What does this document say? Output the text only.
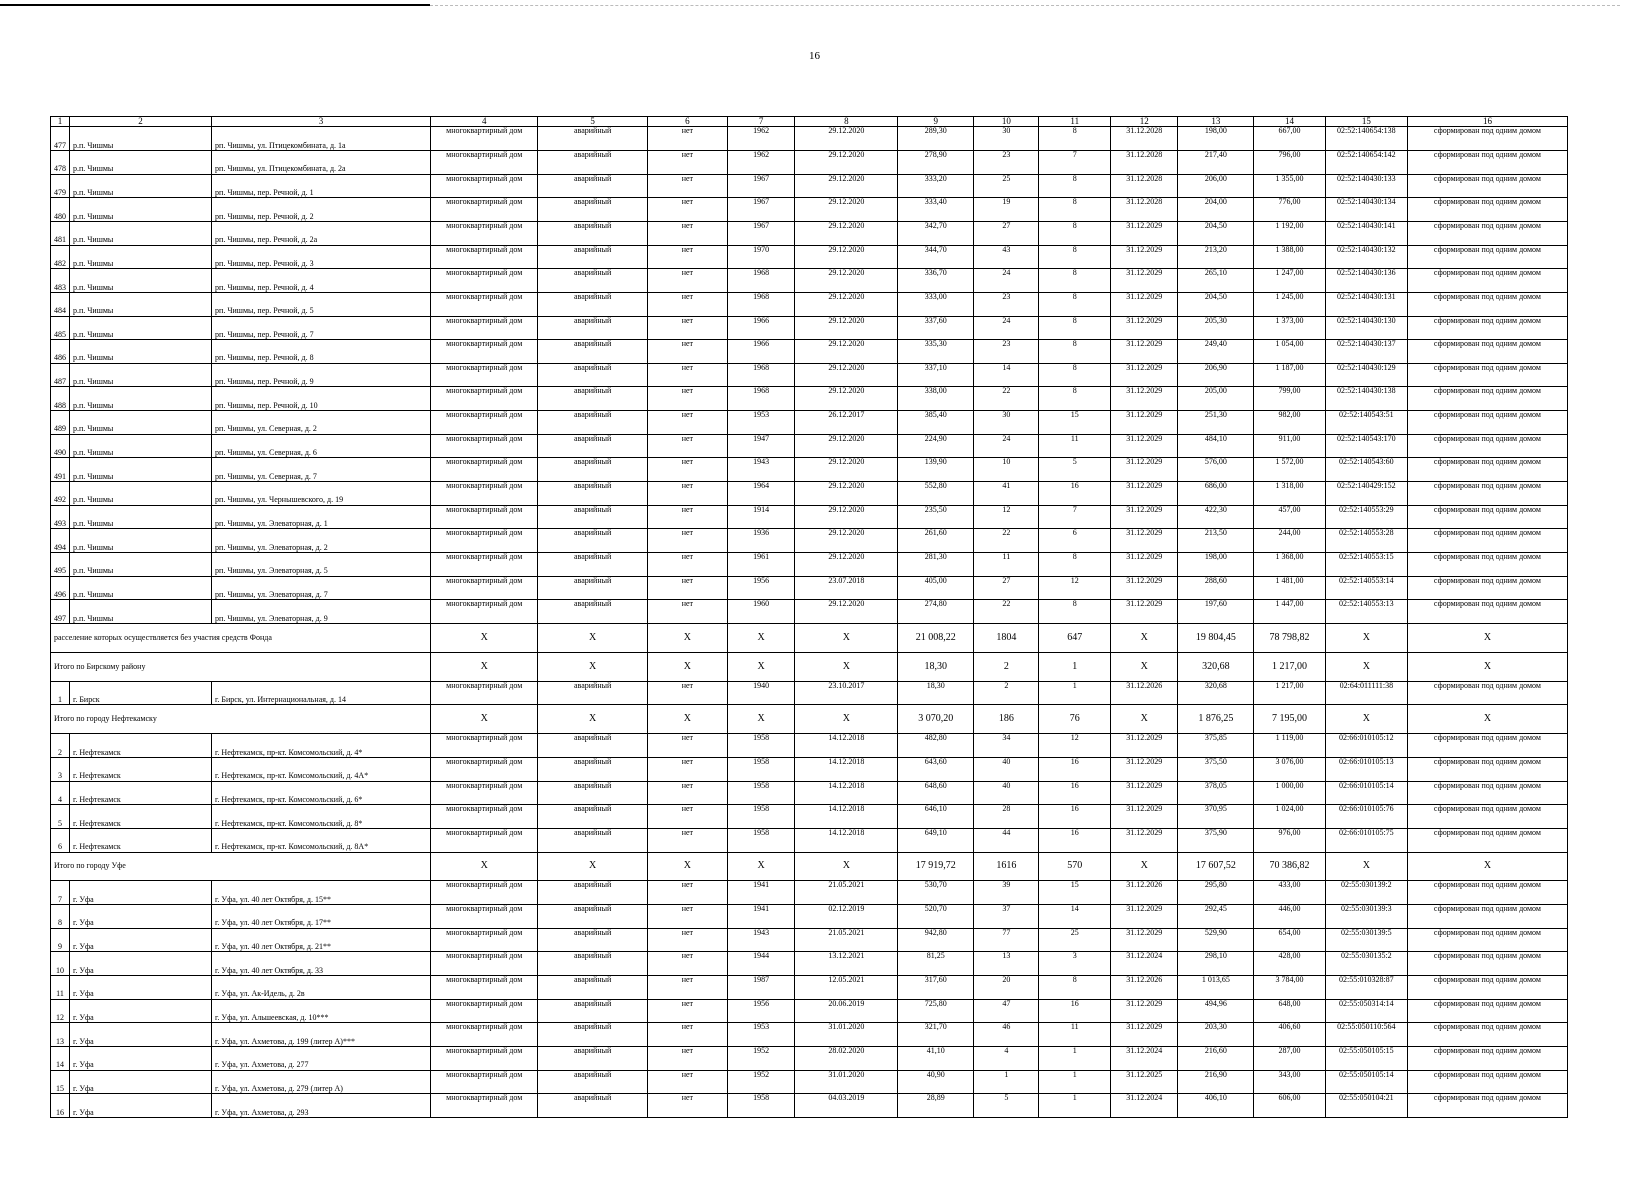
16
1	2	3	4	5	6	7	8	9	10	11	12	13	14	15	16
477	р.п. Чишмы	рп. Чишмы, ул. Птицекомбината, д. 1а	многоквартирный дом	аварийный	нет	1962	29.12.2020	289,30	30	8	31.12.2028	198,00	667,00	02:52:140654:138	сформирован под одним домом
478	р.п. Чишмы	рп. Чишмы, ул. Птицекомбината, д. 2а	многоквартирный дом	аварийный	нет	1962	29.12.2020	278,90	23	7	31.12.2028	217,40	796,00	02:52:140654:142	сформирован под одним домом
479	р.п. Чишмы	рп. Чишмы, пер. Речной, д. 1	многоквартирный дом	аварийный	нет	1967	29.12.2020	333,20	25	8	31.12.2028	206,00	1 355,00	02:52:140430:133	сформирован под одним домом
480	р.п. Чишмы	рп. Чишмы, пер. Речной, д. 2	многоквартирный дом	аварийный	нет	1967	29.12.2020	333,40	19	8	31.12.2028	204,00	776,00	02:52:140430:134	сформирован под одним домом
481	р.п. Чишмы	рп. Чишмы, пер. Речной, д. 2а	многоквартирный дом	аварийный	нет	1967	29.12.2020	342,70	27	8	31.12.2029	204,50	1 192,00	02:52:140430:141	сформирован под одним домом
482	р.п. Чишмы	рп. Чишмы, пер. Речной, д. 3	многоквартирный дом	аварийный	нет	1970	29.12.2020	344,70	43	8	31.12.2029	213,20	1 388,00	02:52:140430:132	сформирован под одним домом
483	р.п. Чишмы	рп. Чишмы, пер. Речной, д. 4	многоквартирный дом	аварийный	нет	1968	29.12.2020	336,70	24	8	31.12.2029	265,10	1 247,00	02:52:140430:136	сформирован под одним домом
484	р.п. Чишмы	рп. Чишмы, пер. Речной, д. 5	многоквартирный дом	аварийный	нет	1968	29.12.2020	333,00	23	8	31.12.2029	204,50	1 245,00	02:52:140430:131	сформирован под одним домом
485	р.п. Чишмы	рп. Чишмы, пер. Речной, д. 7	многоквартирный дом	аварийный	нет	1966	29.12.2020	337,60	24	8	31.12.2029	205,30	1 373,00	02:52:140430:130	сформирован под одним домом
486	р.п. Чишмы	рп. Чишмы, пер. Речной, д. 8	многоквартирный дом	аварийный	нет	1966	29.12.2020	335,30	23	8	31.12.2029	249,40	1 054,00	02:52:140430:137	сформирован под одним домом
487	р.п. Чишмы	рп. Чишмы, пер. Речной, д. 9	многоквартирный дом	аварийный	нет	1968	29.12.2020	337,10	14	8	31.12.2029	206,90	1 187,00	02:52:140430:129	сформирован под одним домом
488	р.п. Чишмы	рп. Чишмы, пер. Речной, д. 10	многоквартирный дом	аварийный	нет	1968	29.12.2020	338,00	22	8	31.12.2029	205,00	799,00	02:52:140430:138	сформирован под одним домом
489	р.п. Чишмы	рп. Чишмы, ул. Северная, д. 2	многоквартирный дом	аварийный	нет	1953	26.12.2017	385,40	30	15	31.12.2029	251,30	982,00	02:52:140543:51	сформирован под одним домом
490	р.п. Чишмы	рп. Чишмы, ул. Северная, д. 6	многоквартирный дом	аварийный	нет	1947	29.12.2020	224,90	24	11	31.12.2029	484,10	911,00	02:52:140543:170	сформирован под одним домом
491	р.п. Чишмы	рп. Чишмы, ул. Северная, д. 7	многоквартирный дом	аварийный	нет	1943	29.12.2020	139,90	10	5	31.12.2029	576,00	1 572,00	02:52:140543:60	сформирован под одним домом
492	р.п. Чишмы	рп. Чишмы, ул. Чернышевского, д. 19	многоквартирный дом	аварийный	нет	1964	29.12.2020	552,80	41	16	31.12.2029	686,00	1 318,00	02:52:140429:152	сформирован под одним домом
493	р.п. Чишмы	рп. Чишмы, ул. Элеваторная, д. 1	многоквартирный дом	аварийный	нет	1914	29.12.2020	235,50	12	7	31.12.2029	422,30	457,00	02:52:140553:29	сформирован под одним домом
494	р.п. Чишмы	рп. Чишмы, ул. Элеваторная, д. 2	многоквартирный дом	аварийный	нет	1936	29.12.2020	261,60	22	6	31.12.2029	213,50	244,00	02:52:140553:28	сформирован под одним домом
495	р.п. Чишмы	рп. Чишмы, ул. Элеваторная, д. 5	многоквартирный дом	аварийный	нет	1961	29.12.2020	281,30	11	8	31.12.2029	198,00	1 368,00	02:52:140553:15	сформирован под одним домом
496	р.п. Чишмы	рп. Чишмы, ул. Элеваторная, д. 7	многоквартирный дом	аварийный	нет	1956	23.07.2018	405,00	27	12	31.12.2029	288,60	1 481,00	02:52:140553:14	сформирован под одним домом
497	р.п. Чишмы	рп. Чишмы, ул. Элеваторная, д. 9	многоквартирный дом	аварийный	нет	1960	29.12.2020	274,80	22	8	31.12.2029	197,60	1 447,00	02:52:140553:13	сформирован под одним домом
расселение которых осуществляется без участия средств Фонда			X	X	X	X	X	21 008,22	1804	647	X	19 804,45	78 798,82	X	X
Итого по Бирскому району			X	X	X	X	X	18,30	2	1	X	320,68	1 217,00	X	X
1	г. Бирск	г. Бирск, ул. Интернациональная, д. 14	многоквартирный дом	аварийный	нет	1940	23.10.2017	18,30	2	1	31.12.2026	320,68	1 217,00	02:64:011111:38	сформирован под одним домом
Итого по городу Нефтекамску			X	X	X	X	X	3 070,20	186	76	X	1 876,25	7 195,00	X	X
2	г. Нефтекамск	г. Нефтекамск, пр-кт. Комсомольский, д. 4*	многоквартирный дом	аварийный	нет	1958	14.12.2018	482,80	34	12	31.12.2029	375,85	1 119,00	02:66:010105:12	сформирован под одним домом
3	г. Нефтекамск	г. Нефтекамск, пр-кт. Комсомольский, д. 4А*	многоквартирный дом	аварийный	нет	1958	14.12.2018	643,60	40	16	31.12.2029	375,50	3 076,00	02:66:010105:13	сформирован под одним домом
4	г. Нефтекамск	г. Нефтекамск, пр-кт. Комсомольский, д. 6*	многоквартирный дом	аварийный	нет	1958	14.12.2018	648,60	40	16	31.12.2029	378,05	1 000,00	02:66:010105:14	сформирован под одним домом
5	г. Нефтекамск	г. Нефтекамск, пр-кт. Комсомольский, д. 8*	многоквартирный дом	аварийный	нет	1958	14.12.2018	646,10	28	16	31.12.2029	370,95	1 024,00	02:66:010105:76	сформирован под одним домом
6	г. Нефтекамск	г. Нефтекамск, пр-кт. Комсомольский, д. 8А*	многоквартирный дом	аварийный	нет	1958	14.12.2018	649,10	44	16	31.12.2029	375,90	976,00	02:66:010105:75	сформирован под одним домом
Итого по городу Уфе			X	X	X	X	X	17 919,72	1616	570	X	17 607,52	70 386,82	X	X
7	г. Уфа	г. Уфа, ул. 40 лет Октября, д. 15**	многоквартирный дом	аварийный	нет	1941	21.05.2021	530,70	39	15	31.12.2026	295,80	433,00	02:55:030139:2	сформирован под одним домом
8	г. Уфа	г. Уфа, ул. 40 лет Октября, д. 17**	многоквартирный дом	аварийный	нет	1941	02.12.2019	520,70	37	14	31.12.2029	292,45	446,00	02:55:030139:3	сформирован под одним домом
9	г. Уфа	г. Уфа, ул. 40 лет Октября, д. 21**	многоквартирный дом	аварийный	нет	1943	21.05.2021	942,80	77	25	31.12.2029	529,90	654,00	02:55:030139:5	сформирован под одним домом
10	г. Уфа	г. Уфа, ул. 40 лет Октября, д. 33	многоквартирный дом	аварийный	нет	1944	13.12.2021	81,25	13	3	31.12.2024	298,10	428,00	02:55:030135:2	сформирован под одним домом
11	г. Уфа	г. Уфа, ул. Ак-Идель, д. 2в	многоквартирный дом	аварийный	нет	1987	12.05.2021	317,60	20	8	31.12.2026	1 013,65	3 784,00	02:55:010328:87	сформирован под одним домом
12	г. Уфа	г. Уфа, ул. Альшеевская, д. 10***	многоквартирный дом	аварийный	нет	1956	20.06.2019	725,80	47	16	31.12.2029	494,96	648,00	02:55:050314:14	сформирован под одним домом
13	г. Уфа	г. Уфа, ул. Ахметова, д. 199 (литер А)***	многоквартирный дом	аварийный	нет	1953	31.01.2020	321,70	46	11	31.12.2029	203,30	406,60	02:55:050110:564	сформирован под одним домом
14	г. Уфа	г. Уфа, ул. Ахметова, д. 277	многоквартирный дом	аварийный	нет	1952	28.02.2020	41,10	4	1	31.12.2024	216,60	287,00	02:55:050105:15	сформирован под одним домом
15	г. Уфа	г. Уфа, ул. Ахметова, д. 279 (литер А)	многоквартирный дом	аварийный	нет	1952	31.01.2020	40,90	1	1	31.12.2025	216,90	343,00	02:55:050105:14	сформирован под одним домом
16	г. Уфа	г. Уфа, ул. Ахметова, д. 293	многоквартирный дом	аварийный	нет	1958	04.03.2019	28,89	5	1	31.12.2024	406,10	606,00	02:55:050104:21	сформирован под одним домом
